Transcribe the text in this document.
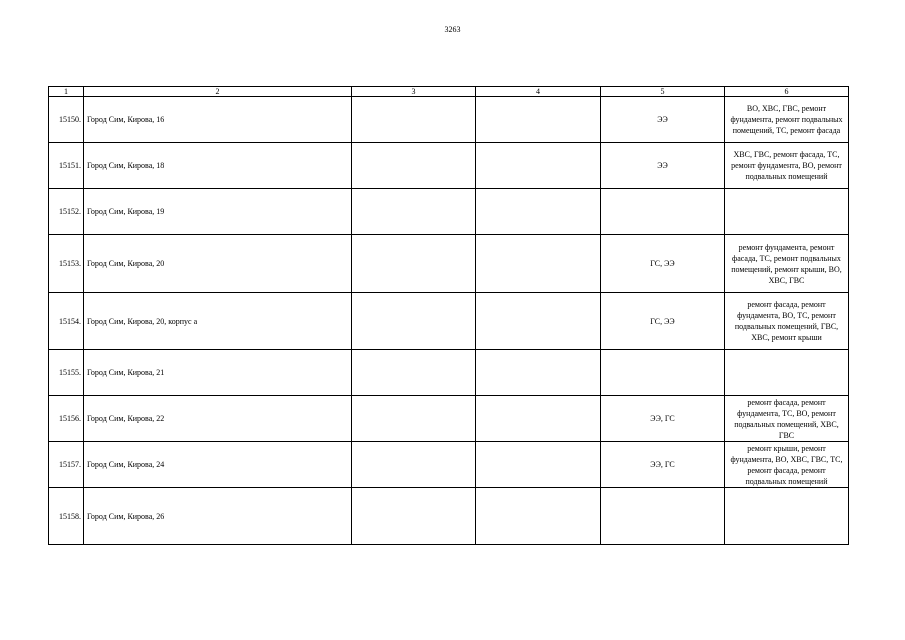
3263
1	2	3	4	5	6
15150.	Город Сим, Кирова, 16			ЭЭ	ВО, ХВС, ГВС, ремонт фундамента, ремонт подвальных помещений, ТС, ремонт фасада
15151.	Город Сим, Кирова, 18			ЭЭ	ХВС, ГВС, ремонт фасада, ТС, ремонт фундамента, ВО, ремонт подвальных помещений
15152.	Город Сим, Кирова, 19				
15153.	Город Сим, Кирова, 20			ГС, ЭЭ	ремонт фундамента, ремонт фасада, ТС, ремонт подвальных помещений, ремонт крыши, ВО, ХВС, ГВС
15154.	Город Сим, Кирова, 20, корпус а			ГС, ЭЭ	ремонт фасада, ремонт фундамента, ВО, ТС, ремонт подвальных помещений, ГВС, ХВС, ремонт крыши
15155.	Город Сим, Кирова, 21				
15156.	Город Сим, Кирова, 22			ЭЭ, ГС	ремонт фасада, ремонт фундамента, ТС, ВО, ремонт подвальных помещений, ХВС, ГВС
15157.	Город Сим, Кирова, 24			ЭЭ, ГС	ремонт крыши, ремонт фундамента, ВО, ХВС, ГВС, ТС, ремонт фасада, ремонт подвальных помещений
15158.	Город Сим, Кирова, 26				
